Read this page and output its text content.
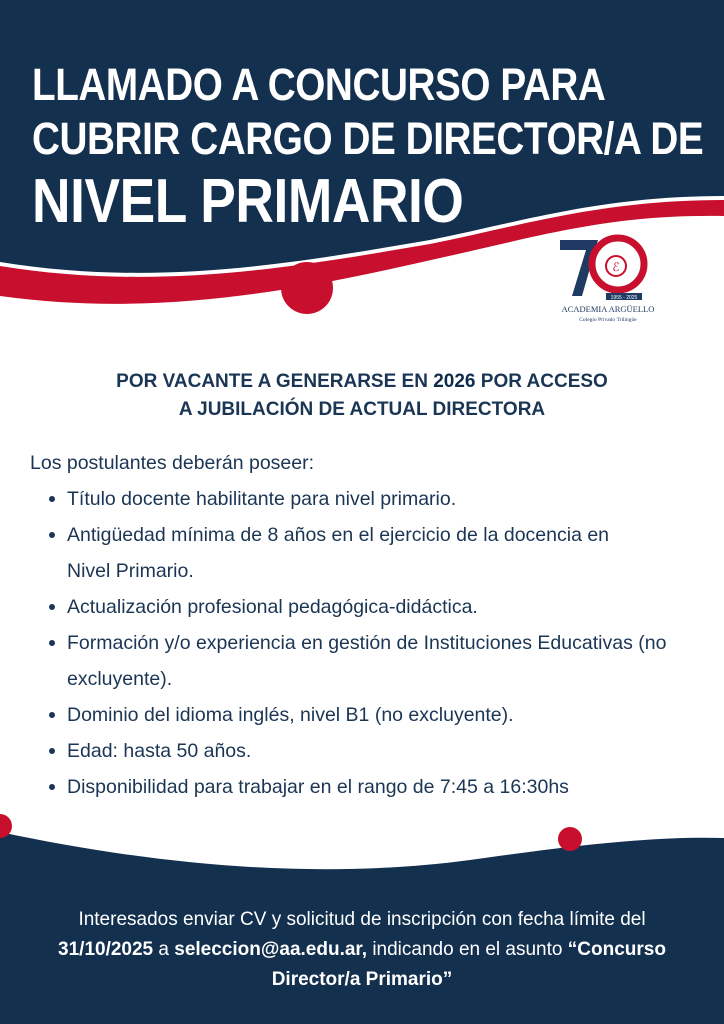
LLAMADO A CONCURSO PARA
CUBRIR CARGO DE DIRECTOR/A DE
NIVEL PRIMARIO
ℰ
1955 - 2025
ACADEMIA ARGÜELLO
Colegio Privado Trilingüe
POR VACANTE A GENERARSE EN 2026 POR ACCESO
A JUBILACIÓN DE ACTUAL DIRECTORA
Los postulantes deberán poseer:
Título docente habilitante para nivel primario.
Antigüedad mínima de 8 años en el ejercicio de la docencia en Nivel Primario.
Actualización profesional pedagógica-didáctica.
Formación y/o experiencia en gestión de Instituciones Educativas (no excluyente).
Dominio del idioma inglés, nivel B1 (no excluyente).
Edad: hasta 50 años.
Disponibilidad para trabajar en el rango de 7:45 a 16:30hs
Interesados enviar CV y solicitud de inscripción con fecha límite del 31/10/2025 a seleccion@aa.edu.ar, indicando en el asunto “Concurso Director/a Primario”
